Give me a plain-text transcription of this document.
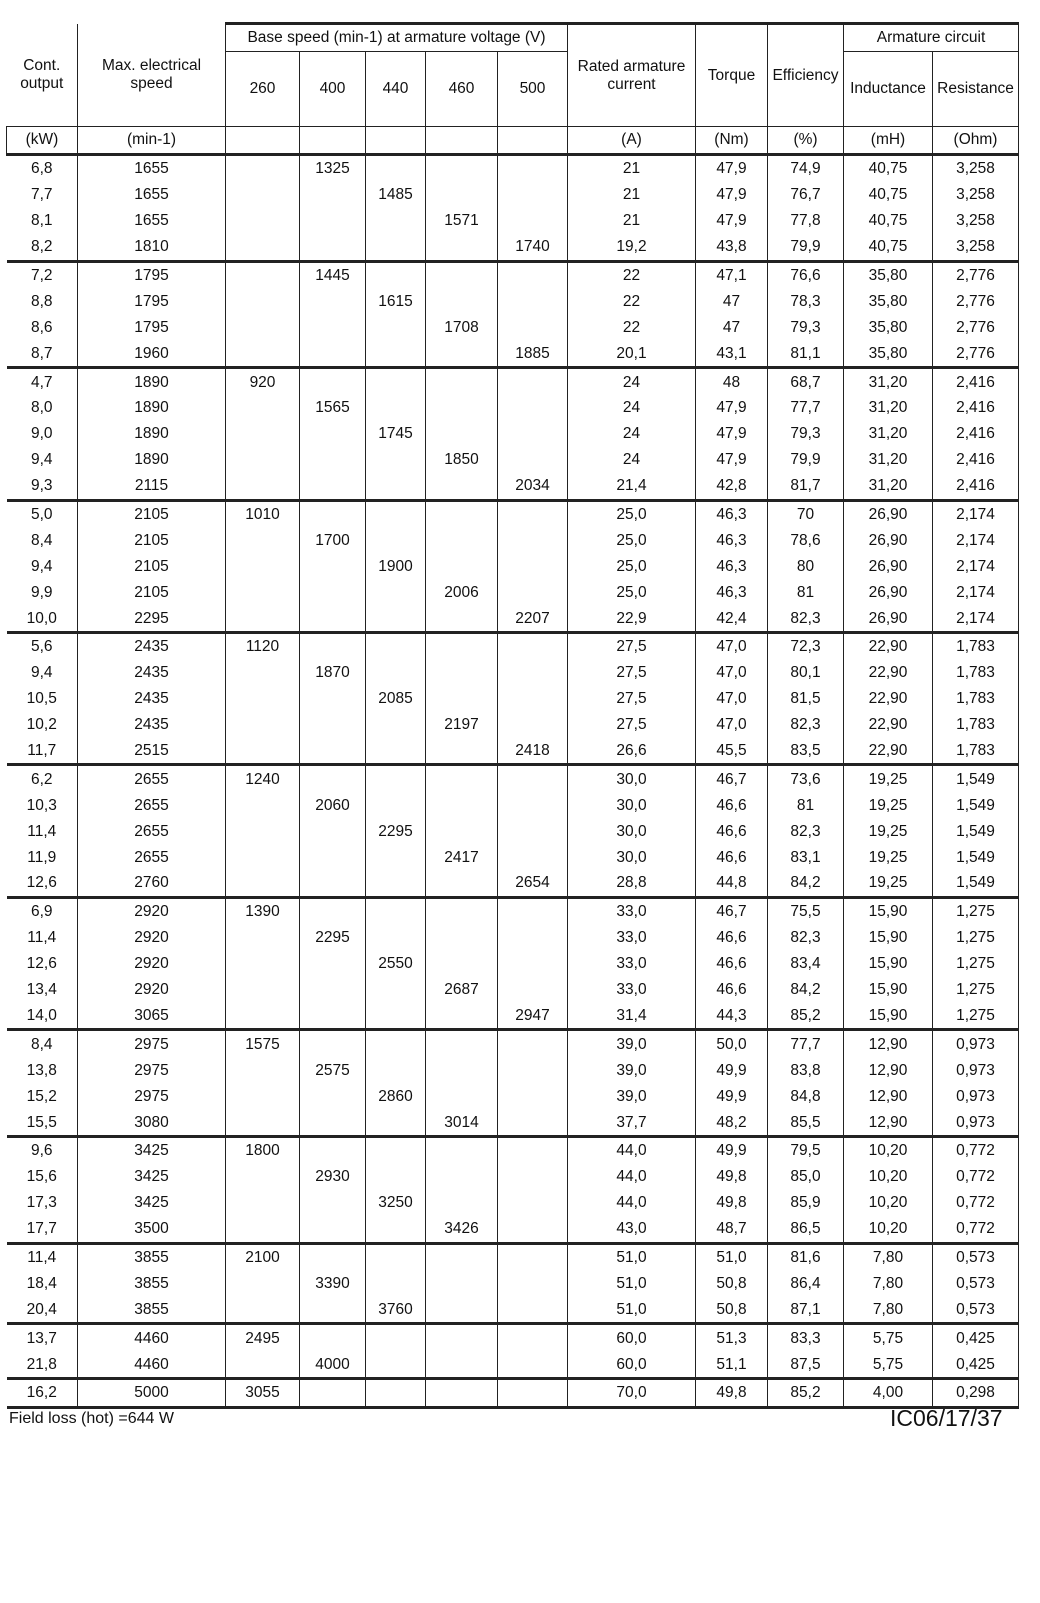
Cont.
output	Max. electrical
speed	Base speed (min-1) at armature voltage (V)					Rated armature
current	Torque	Efficiency	Armature circuit	
		260	400	440	460	500				Inductance	Resistance
(kW)	(min-1)						(A)	(Nm)	(%)	(mH)	(Ohm)
6,8	1655		1325				21	47,9	74,9	40,75	3,258
7,7	1655			1485			21	47,9	76,7	40,75	3,258
8,1	1655				1571		21	47,9	77,8	40,75	3,258
8,2	1810					1740	19,2	43,8	79,9	40,75	3,258
7,2	1795		1445				22	47,1	76,6	35,80	2,776
8,8	1795			1615			22	47	78,3	35,80	2,776
8,6	1795				1708		22	47	79,3	35,80	2,776
8,7	1960					1885	20,1	43,1	81,1	35,80	2,776
4,7	1890	920					24	48	68,7	31,20	2,416
8,0	1890		1565				24	47,9	77,7	31,20	2,416
9,0	1890			1745			24	47,9	79,3	31,20	2,416
9,4	1890				1850		24	47,9	79,9	31,20	2,416
9,3	2115					2034	21,4	42,8	81,7	31,20	2,416
5,0	2105	1010					25,0	46,3	70	26,90	2,174
8,4	2105		1700				25,0	46,3	78,6	26,90	2,174
9,4	2105			1900			25,0	46,3	80	26,90	2,174
9,9	2105				2006		25,0	46,3	81	26,90	2,174
10,0	2295					2207	22,9	42,4	82,3	26,90	2,174
5,6	2435	1120					27,5	47,0	72,3	22,90	1,783
9,4	2435		1870				27,5	47,0	80,1	22,90	1,783
10,5	2435			2085			27,5	47,0	81,5	22,90	1,783
10,2	2435				2197		27,5	47,0	82,3	22,90	1,783
11,7	2515					2418	26,6	45,5	83,5	22,90	1,783
6,2	2655	1240					30,0	46,7	73,6	19,25	1,549
10,3	2655		2060				30,0	46,6	81	19,25	1,549
11,4	2655			2295			30,0	46,6	82,3	19,25	1,549
11,9	2655				2417		30,0	46,6	83,1	19,25	1,549
12,6	2760					2654	28,8	44,8	84,2	19,25	1,549
6,9	2920	1390					33,0	46,7	75,5	15,90	1,275
11,4	2920		2295				33,0	46,6	82,3	15,90	1,275
12,6	2920			2550			33,0	46,6	83,4	15,90	1,275
13,4	2920				2687		33,0	46,6	84,2	15,90	1,275
14,0	3065					2947	31,4	44,3	85,2	15,90	1,275
8,4	2975	1575					39,0	50,0	77,7	12,90	0,973
13,8	2975		2575				39,0	49,9	83,8	12,90	0,973
15,2	2975			2860			39,0	49,9	84,8	12,90	0,973
15,5	3080				3014		37,7	48,2	85,5	12,90	0,973
9,6	3425	1800					44,0	49,9	79,5	10,20	0,772
15,6	3425		2930				44,0	49,8	85,0	10,20	0,772
17,3	3425			3250			44,0	49,8	85,9	10,20	0,772
17,7	3500				3426		43,0	48,7	86,5	10,20	0,772
11,4	3855	2100					51,0	51,0	81,6	7,80	0,573
18,4	3855		3390				51,0	50,8	86,4	7,80	0,573
20,4	3855			3760			51,0	50,8	87,1	7,80	0,573
13,7	4460	2495					60,0	51,3	83,3	5,75	0,425
21,8	4460		4000				60,0	51,1	87,5	5,75	0,425
16,2	5000	3055					70,0	49,8	85,2	4,00	0,298
Field loss (hot) =644 W	IC06/17/37
